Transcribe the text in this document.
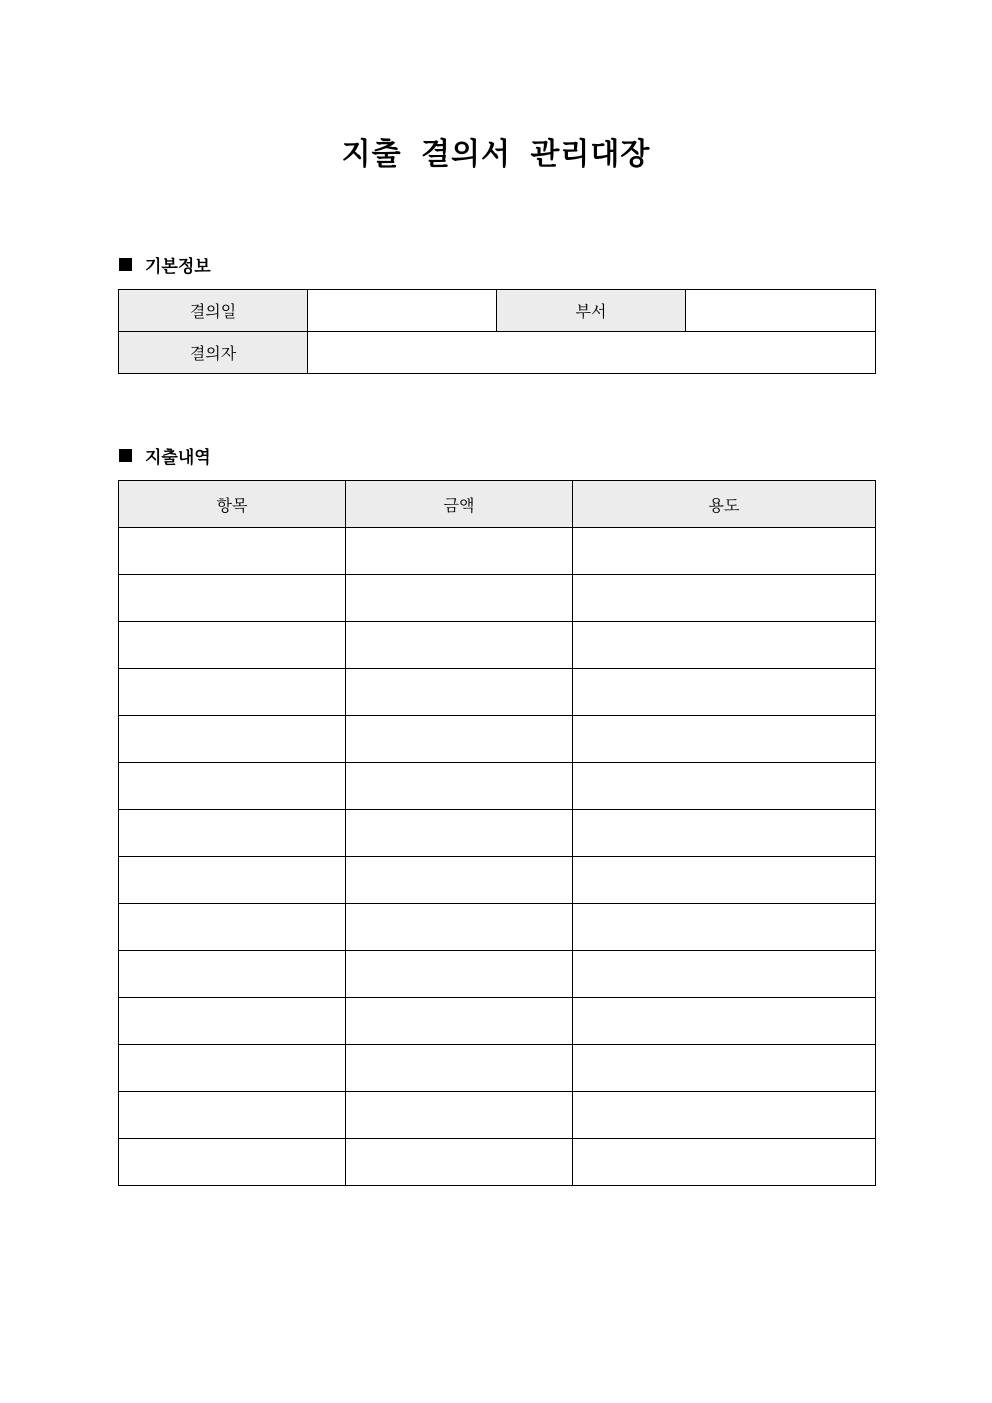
지출 결의서 관리대장
기본정보
결의일		부서	
결의자			
지출내역
항목	금액	용도
